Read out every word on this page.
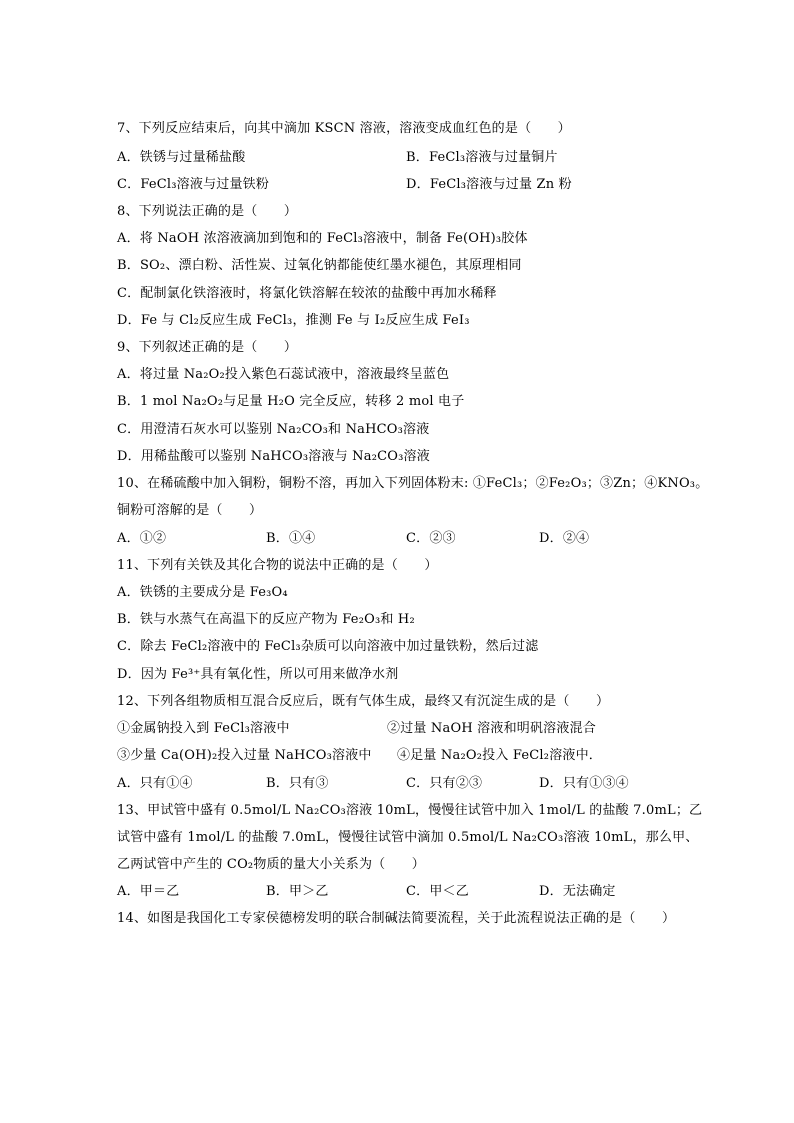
7、下列反应结束后，向其中滴加 KSCN 溶液，溶液变成血红色的是（　　）
A．铁锈与过量稀盐酸	B．FeCl₃溶液与过量铜片
C．FeCl₃溶液与过量铁粉	D．FeCl₃溶液与过量 Zn 粉
8、下列说法正确的是（　　）
A．将 NaOH 浓溶液滴加到饱和的 FeCl₃溶液中，制备 Fe(OH)₃胶体
B．SO₂、漂白粉、活性炭、过氧化钠都能使红墨水褪色，其原理相同
C．配制氯化铁溶液时，将氯化铁溶解在较浓的盐酸中再加水稀释
D．Fe 与 Cl₂反应生成 FeCl₃，推测 Fe 与 I₂反应生成 FeI₃
9、下列叙述正确的是（　　）
A．将过量 Na₂O₂投入紫色石蕊试液中，溶液最终呈蓝色
B．1 mol Na₂O₂与足量 H₂O 完全反应，转移 2 mol 电子
C．用澄清石灰水可以鉴别 Na₂CO₃和 NaHCO₃溶液
D．用稀盐酸可以鉴别 NaHCO₃溶液与 Na₂CO₃溶液
10、在稀硫酸中加入铜粉，铜粉不溶，再加入下列固体粉末: ①FeCl₃；②Fe₂O₃；③Zn；④KNO₃。
铜粉可溶解的是（　　）
A．①②	B．①④	C．②③	D．②④
11、下列有关铁及其化合物的说法中正确的是（　　）
A．铁锈的主要成分是 Fe₃O₄
B．铁与水蒸气在高温下的反应产物为 Fe₂O₃和 H₂
C．除去 FeCl₂溶液中的 FeCl₃杂质可以向溶液中加过量铁粉，然后过滤
D．因为 Fe³⁺具有氧化性，所以可用来做净水剂
12、下列各组物质相互混合反应后，既有气体生成，最终又有沉淀生成的是（　　）
①金属钠投入到 FeCl₃溶液中	②过量 NaOH 溶液和明矾溶液混合
③少量 Ca(OH)₂投入过量 NaHCO₃溶液中 ④足量 Na₂O₂投入 FeCl₂溶液中．
A．只有①④	B．只有③	C．只有②③	D．只有①③④
13、甲试管中盛有 0.5mol/L Na₂CO₃溶液 10mL，慢慢往试管中加入 1mol/L 的盐酸 7.0mL；乙
试管中盛有 1mol/L 的盐酸 7.0mL，慢慢往试管中滴加 0.5mol/L Na₂CO₃溶液 10mL，那么甲、
乙两试管中产生的 CO₂物质的量大小关系为（　　）
A．甲＝乙	B．甲＞乙	C．甲＜乙	D．无法确定
14、如图是我国化工专家侯德榜发明的联合制碱法简要流程，关于此流程说法正确的是（　　）
